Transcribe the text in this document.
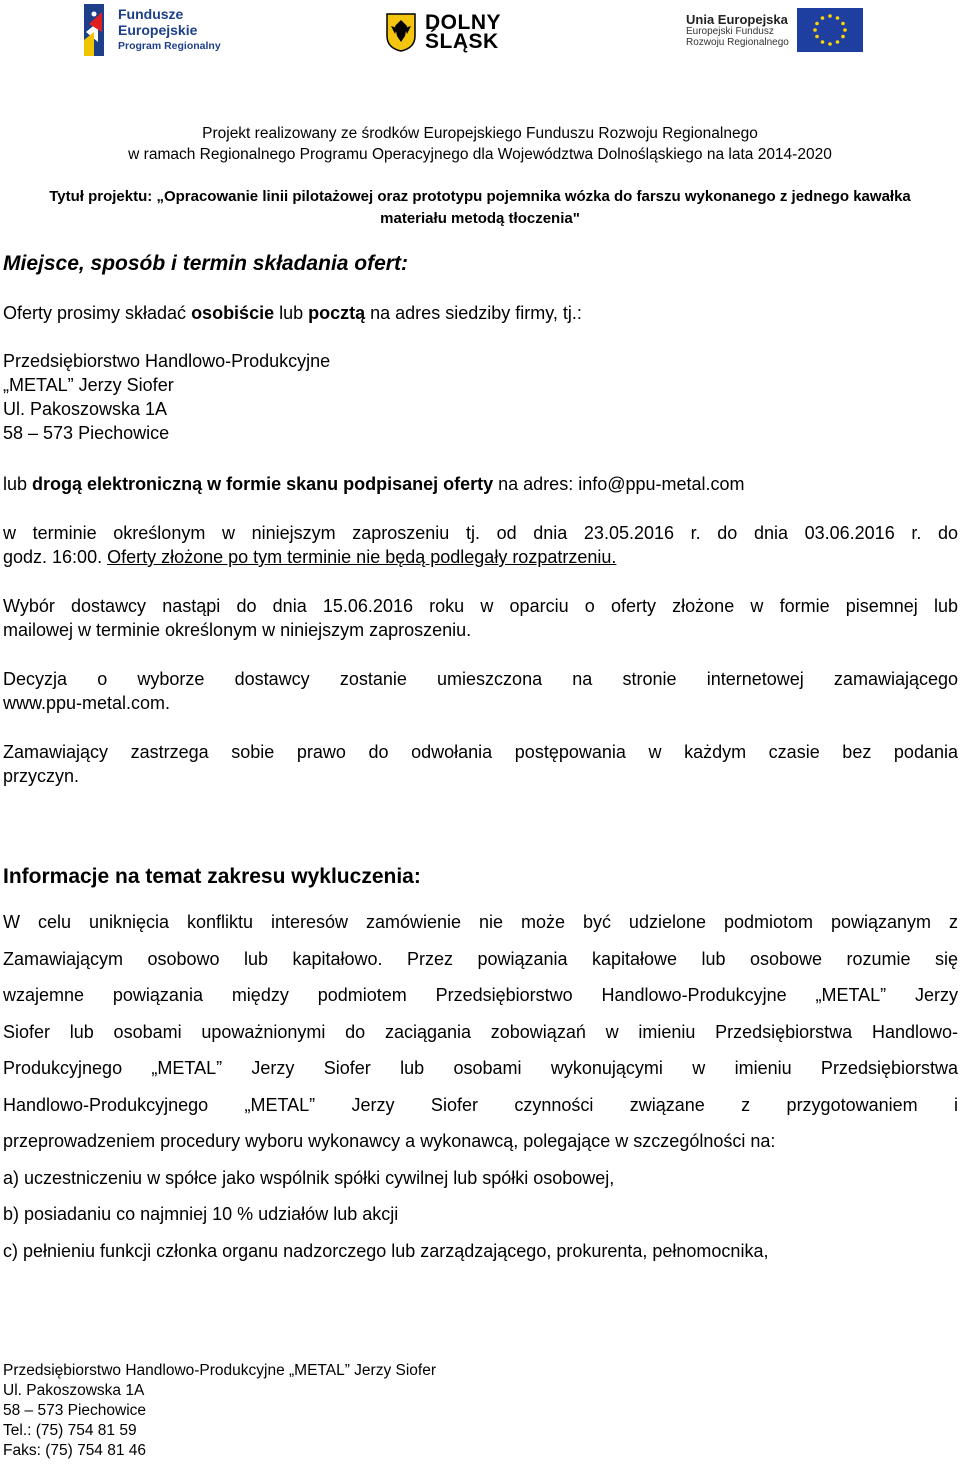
Fundusze
Europejskie
Program Regionalny
DOLNY
ŚLĄSK
Unia Europejska
Europejski Fundusz
Rozwoju Regionalnego
Projekt realizowany ze środków Europejskiego Funduszu Rozwoju Regionalnego
w ramach Regionalnego Programu Operacyjnego dla Województwa Dolnośląskiego na lata 2014-2020
Tytuł projektu: „Opracowanie linii pilotażowej oraz prototypu pojemnika wózka do farszu wykonanego z jednego kawałka
materiału metodą tłoczenia"
Miejsce, sposób i termin składania ofert:
Oferty prosimy składać osobiście lub pocztą na adres siedziby firmy, tj.:
Przedsiębiorstwo Handlowo-Produkcyjne
„METAL” Jerzy Siofer
Ul. Pakoszowska 1A
58 – 573 Piechowice
lub drogą elektroniczną w formie skanu podpisanej oferty na adres: info@ppu-metal.com
w terminie określonym w niniejszym zaproszeniu tj. od dnia 23.05.2016 r. do dnia 03.06.2016 r. do
godz. 16:00. Oferty złożone po tym terminie nie będą podlegały rozpatrzeniu.
Wybór dostawcy nastąpi do dnia 15.06.2016 roku w oparciu o oferty złożone w formie pisemnej lub
mailowej w terminie określonym w niniejszym zaproszeniu.
Decyzja o wyborze dostawcy zostanie umieszczona na stronie internetowej zamawiającego
www.ppu-metal.com.
Zamawiający zastrzega sobie prawo do odwołania postępowania w każdym czasie bez podania
przyczyn.
Informacje na temat zakresu wykluczenia:
W celu uniknięcia konfliktu interesów zamówienie nie może być udzielone podmiotom powiązanym z
Zamawiającym osobowo lub kapitałowo. Przez powiązania kapitałowe lub osobowe rozumie się
wzajemne powiązania między podmiotem Przedsiębiorstwo Handlowo-Produkcyjne „METAL” Jerzy
Siofer lub osobami upoważnionymi do zaciągania zobowiązań w imieniu Przedsiębiorstwa Handlowo-
Produkcyjnego „METAL” Jerzy Siofer lub osobami wykonującymi w imieniu Przedsiębiorstwa
Handlowo-Produkcyjnego „METAL” Jerzy Siofer czynności związane z przygotowaniem i
przeprowadzeniem procedury wyboru wykonawcy a wykonawcą, polegające w szczególności na:
a) uczestniczeniu w spółce jako wspólnik spółki cywilnej lub spółki osobowej,
b) posiadaniu co najmniej 10 % udziałów lub akcji
c) pełnieniu funkcji członka organu nadzorczego lub zarządzającego, prokurenta, pełnomocnika,
Przedsiębiorstwo Handlowo-Produkcyjne „METAL” Jerzy Siofer
Ul. Pakoszowska 1A
58 – 573 Piechowice
Tel.: (75) 754 81 59
Faks: (75) 754 81 46
